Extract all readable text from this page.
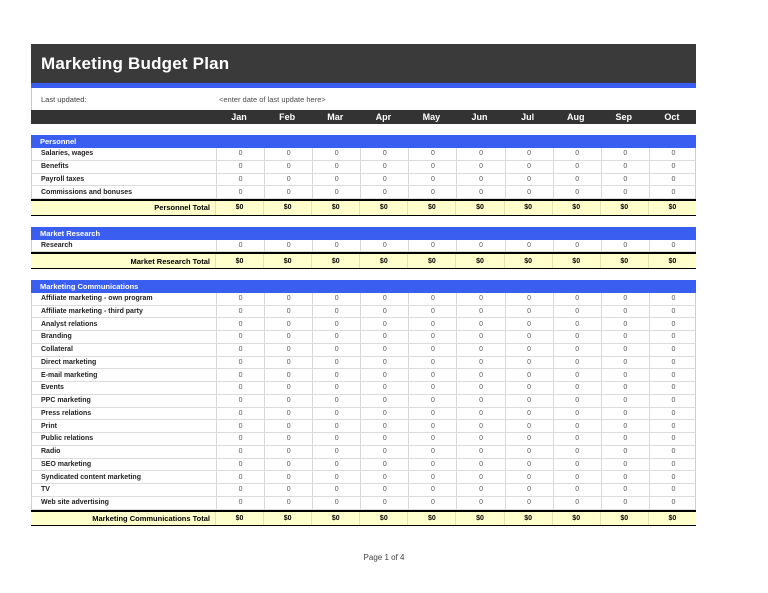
Marketing Budget Plan
Last updated:	<enter date of last update here>
Jan	Feb	Mar	Apr	May	Jun	Jul	Aug	Sep	Oct
Personnel
Salaries, wages	0	0	0	0	0	0	0	0	0	0
Benefits	0	0	0	0	0	0	0	0	0	0
Payroll taxes	0	0	0	0	0	0	0	0	0	0
Commissions and bonuses	0	0	0	0	0	0	0	0	0	0
Personnel Total	$0	$0	$0	$0	$0	$0	$0	$0	$0	$0
Market Research
Research	0	0	0	0	0	0	0	0	0	0
Market Research Total	$0	$0	$0	$0	$0	$0	$0	$0	$0	$0
Marketing Communications
Affiliate marketing - own program	0	0	0	0	0	0	0	0	0	0
Affiliate marketing - third party	0	0	0	0	0	0	0	0	0	0
Analyst relations	0	0	0	0	0	0	0	0	0	0
Branding	0	0	0	0	0	0	0	0	0	0
Collateral	0	0	0	0	0	0	0	0	0	0
Direct marketing	0	0	0	0	0	0	0	0	0	0
E-mail marketing	0	0	0	0	0	0	0	0	0	0
Events	0	0	0	0	0	0	0	0	0	0
PPC marketing	0	0	0	0	0	0	0	0	0	0
Press relations	0	0	0	0	0	0	0	0	0	0
Print	0	0	0	0	0	0	0	0	0	0
Public relations	0	0	0	0	0	0	0	0	0	0
Radio	0	0	0	0	0	0	0	0	0	0
SEO marketing	0	0	0	0	0	0	0	0	0	0
Syndicated content marketing	0	0	0	0	0	0	0	0	0	0
TV	0	0	0	0	0	0	0	0	0	0
Web site advertising	0	0	0	0	0	0	0	0	0	0
Marketing Communications Total	$0	$0	$0	$0	$0	$0	$0	$0	$0	$0
Page 1 of 4
